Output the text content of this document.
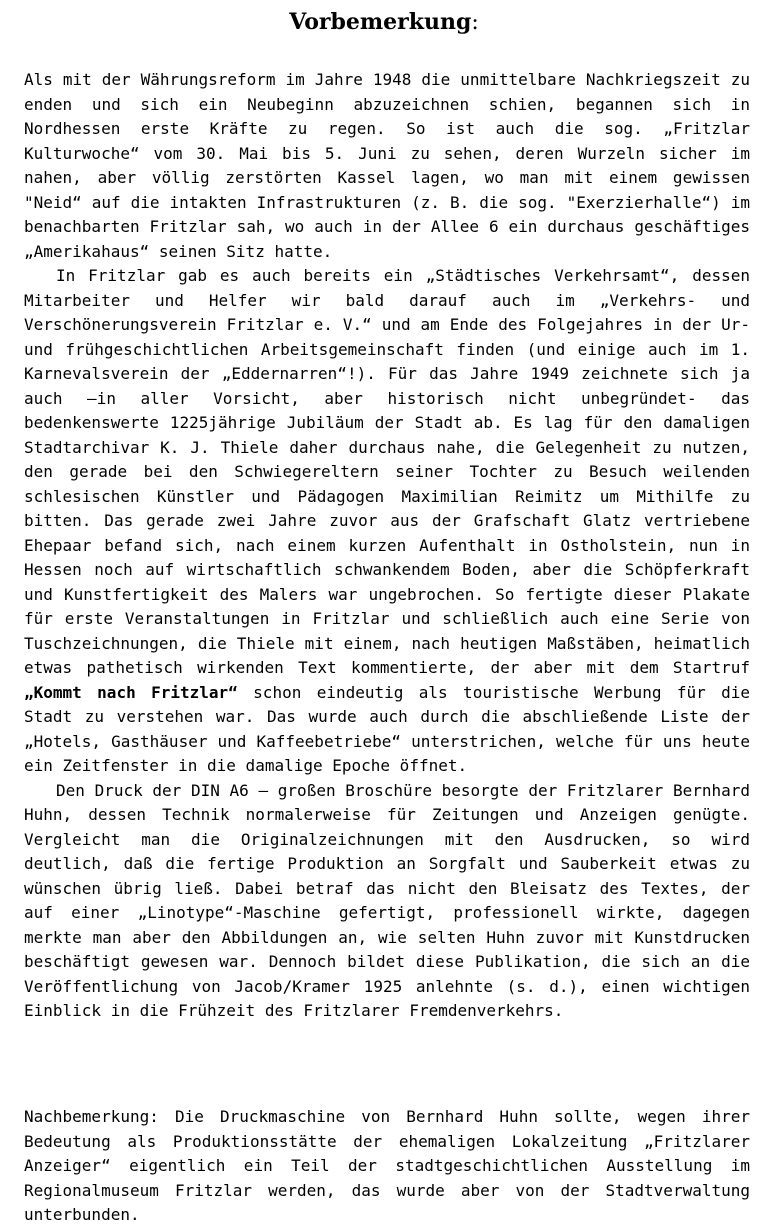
Vorbemerkung:

Als mit der Währungsreform im Jahre 1948 die unmittelbare Nachkriegszeit zu enden und sich ein Neubeginn abzuzeichnen schien, begannen sich in Nordhessen erste Kräfte zu regen. So ist auch die sog. „Fritzlar Kulturwoche“ vom 30. Mai bis 5. Juni zu sehen, deren Wurzeln sicher im nahen, aber völlig zerstörten Kassel lagen, wo man mit einem gewissen "Neid“ auf die intakten Infrastrukturen (z. B. die sog. "Exerzierhalle“) im benachbarten Fritzlar sah, wo auch in der Allee 6 ein durchaus geschäftiges „Amerikahaus“ seinen Sitz hatte.

In Fritzlar gab es auch bereits ein „Städtisches Verkehrsamt“, dessen Mitarbeiter und Helfer wir bald darauf auch im „Verkehrs- und Verschönerungsverein Fritzlar e. V.“ und am Ende des Folgejahres in der Ur- und frühgeschichtlichen Arbeitsgemeinschaft finden (und einige auch im 1. Karnevalsverein der „Eddernarren“!). Für das Jahre 1949 zeichnete sich ja auch –in aller Vorsicht, aber historisch nicht unbegründet- das bedenkenswerte 1225jährige Jubiläum der Stadt ab. Es lag für den damaligen Stadtarchivar K. J. Thiele daher durchaus nahe, die Gelegenheit zu nutzen, den gerade bei den Schwiegereltern seiner Tochter zu Besuch weilenden schlesischen Künstler und Pädagogen Maximilian Reimitz um Mithilfe zu bitten. Das gerade zwei Jahre zuvor aus der Grafschaft Glatz vertriebene Ehepaar befand sich, nach einem kurzen Aufenthalt in Ostholstein, nun in Hessen noch auf wirtschaftlich schwankendem Boden, aber die Schöpferkraft und Kunstfertigkeit des Malers war ungebrochen. So fertigte dieser Plakate für erste Veranstaltungen in Fritzlar und schließlich auch eine Serie von Tuschzeichnungen, die Thiele mit einem, nach heutigen Maßstäben, heimatlich etwas pathetisch wirkenden Text kommentierte, der aber mit dem Startruf „Kommt nach Fritzlar“ schon eindeutig als touristische Werbung für die Stadt zu verstehen war. Das wurde auch durch die abschließende Liste der „Hotels, Gasthäuser und Kaffeebetriebe“ unterstrichen, welche für uns heute ein Zeitfenster in die damalige Epoche öffnet.

Den Druck der DIN A6 – großen Broschüre besorgte der Fritzlarer Bernhard Huhn, dessen Technik normalerweise für Zeitungen und Anzeigen genügte. Vergleicht man die Originalzeichnungen mit den Ausdrucken, so wird deutlich, daß die fertige Produktion an Sorgfalt und Sauberkeit etwas zu wünschen übrig ließ. Dabei betraf das nicht den Bleisatz des Textes, der auf einer „Linotype“-Maschine gefertigt, professionell wirkte, dagegen merkte man aber den Abbildungen an, wie selten Huhn zuvor mit Kunstdrucken beschäftigt gewesen war. Dennoch bildet diese Publikation, die sich an die Veröffentlichung von Jacob/Kramer 1925 anlehnte (s. d.), einen wichtigen Einblick in die Frühzeit des Fritzlarer Fremdenverkehrs.

Nachbemerkung: Die Druckmaschine von Bernhard Huhn sollte, wegen ihrer Bedeutung als Produktionsstätte der ehemaligen Lokalzeitung „Fritzlarer Anzeiger“ eigentlich ein Teil der stadtgeschichtlichen Ausstellung im Regionalmuseum Fritzlar werden, das wurde aber von der Stadtverwaltung unterbunden.
